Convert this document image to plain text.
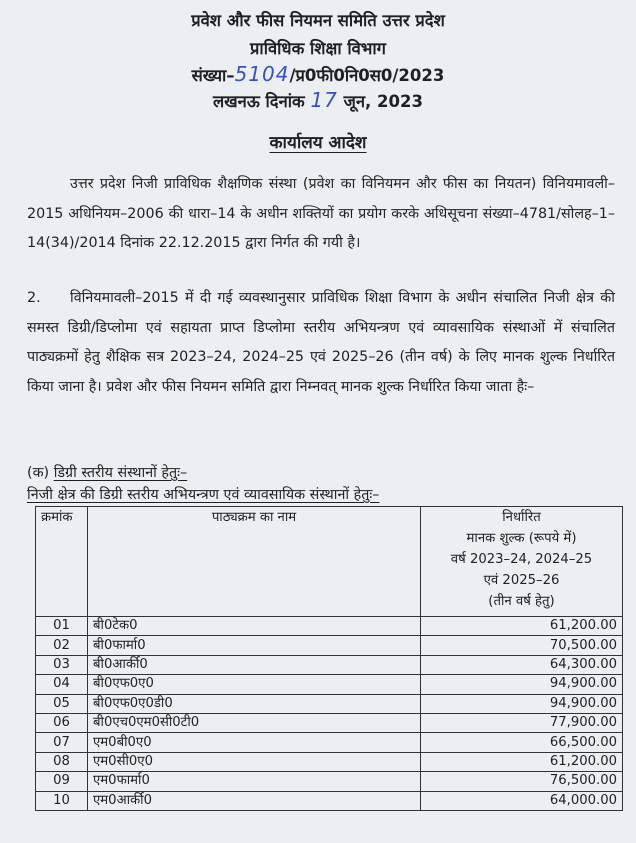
प्रवेश और फीस नियमन समिति उत्तर प्रदेश
प्राविधिक शिक्षा विभाग
संख्या–5104/प्र0फी0नि0स0/2023
लखनऊ दिनांक 17 जून, 2023
कार्यालय आदेश
उत्तर प्रदेश निजी प्राविधिक शैक्षणिक संस्था (प्रवेश का विनियमन और फीस का नियतन) विनियमावली–2015 अधिनियम–2006 की धारा–14 के अधीन शक्तियों का प्रयोग करके अधिसूचना संख्या–4781/सोलह–1–14(34)/2014 दिनांक 22.12.2015 द्वारा निर्गत की गयी है।
2. विनियमावली–2015 में दी गई व्यवस्थानुसार प्राविधिक शिक्षा विभाग के अधीन संचालित निजी क्षेत्र की समस्त डिग्री/डिप्लोमा एवं सहायता प्राप्त डिप्लोमा स्तरीय अभियन्त्रण एवं व्यावसायिक संस्थाओं में संचालित पाठ्यक्रमों हेतु शैक्षिक सत्र 2023–24, 2024–25 एवं 2025–26 (तीन वर्ष) के लिए मानक शुल्क निर्धारित किया जाना है। प्रवेश और फीस नियमन समिति द्वारा निम्नवत् मानक शुल्क निर्धारित किया जाता हैः–
(क) डिग्री स्तरीय संस्थानों हेतुः–
निजी क्षेत्र की डिग्री स्तरीय अभियन्त्रण एवं व्यावसायिक संस्थानों हेतुः–
क्रमांक	पाठ्यक्रम का नाम	निर्धारित
मानक शुल्क (रूपये में)
वर्ष 2023–24, 2024–25
एवं 2025–26
(तीन वर्ष हेतु)

01	बी0टेक0	61,200.00
02	बी0फार्मा0	70,500.00
03	बी0आर्की0	64,300.00
04	बी0एफ0ए0	94,900.00
05	बी0एफ0ए0डी0	94,900.00
06	बी0एच0एम0सी0टी0	77,900.00
07	एम0बी0ए0	66,500.00
08	एम0सी0ए0	61,200.00
09	एम0फार्मा0	76,500.00
10	एम0आर्की0	64,000.00
